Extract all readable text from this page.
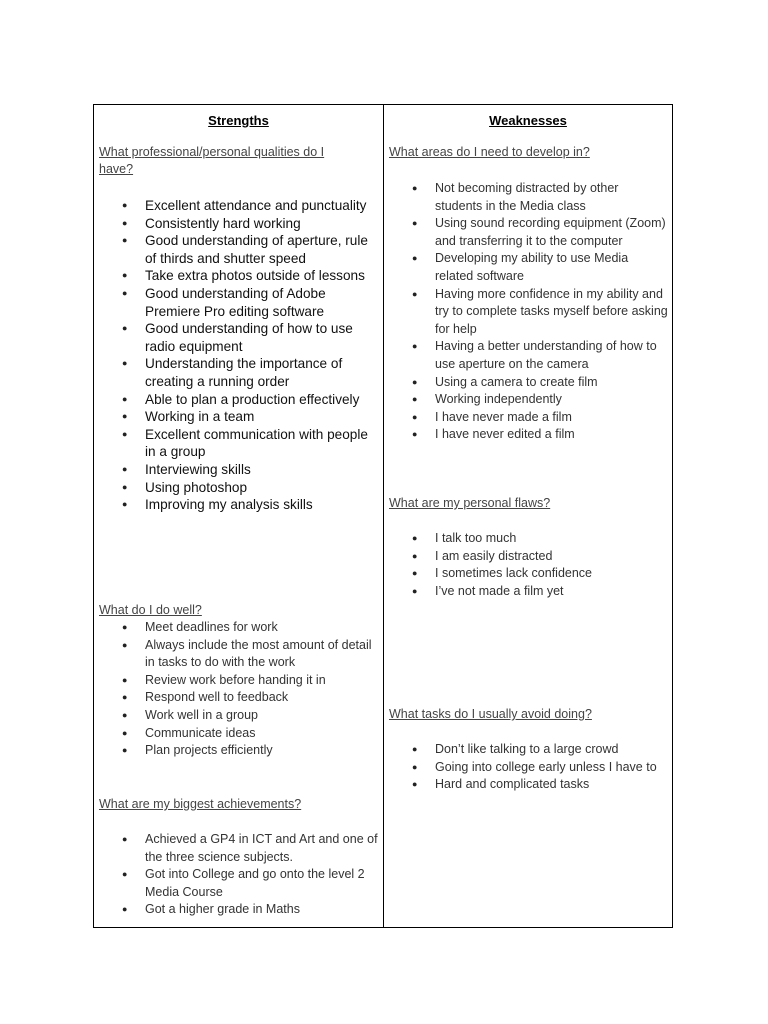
Strengths
What professional/personal qualities do I have?
● Excellent attendance and punctuality
● Consistently hard working
● Good understanding of aperture, rule of thirds and shutter speed
● Take extra photos outside of lessons
● Good understanding of Adobe Premiere Pro editing software
● Good understanding of how to use radio equipment
● Understanding the importance of creating a running order
● Able to plan a production effectively
● Working in a team
● Excellent communication with people in a group
● Interviewing skills
● Using photoshop
● Improving my analysis skills
What do I do well?
● Meet deadlines for work
● Always include the most amount of detail in tasks to do with the work
● Review work before handing it in
● Respond well to feedback
● Work well in a group
● Communicate ideas
● Plan projects efficiently
What are my biggest achievements?
● Achieved a GP4 in ICT and Art and one of the three science subjects.
● Got into College and go onto the level 2 Media Course
● Got a higher grade in Maths
Weaknesses
What areas do I need to develop in?
● Not becoming distracted by other students in the Media class
● Using sound recording equipment (Zoom) and transferring it to the computer
● Developing my ability to use Media related software
● Having more confidence in my ability and try to complete tasks myself before asking for help
● Having a better understanding of how to use aperture on the camera
● Using a camera to create film
● Working independently
● I have never made a film
● I have never edited a film
What are my personal flaws?
● I talk too much
● I am easily distracted
● I sometimes lack confidence
● I’ve not made a film yet
What tasks do I usually avoid doing?
● Don’t like talking to a large crowd
● Going into college early unless I have to
● Hard and complicated tasks
